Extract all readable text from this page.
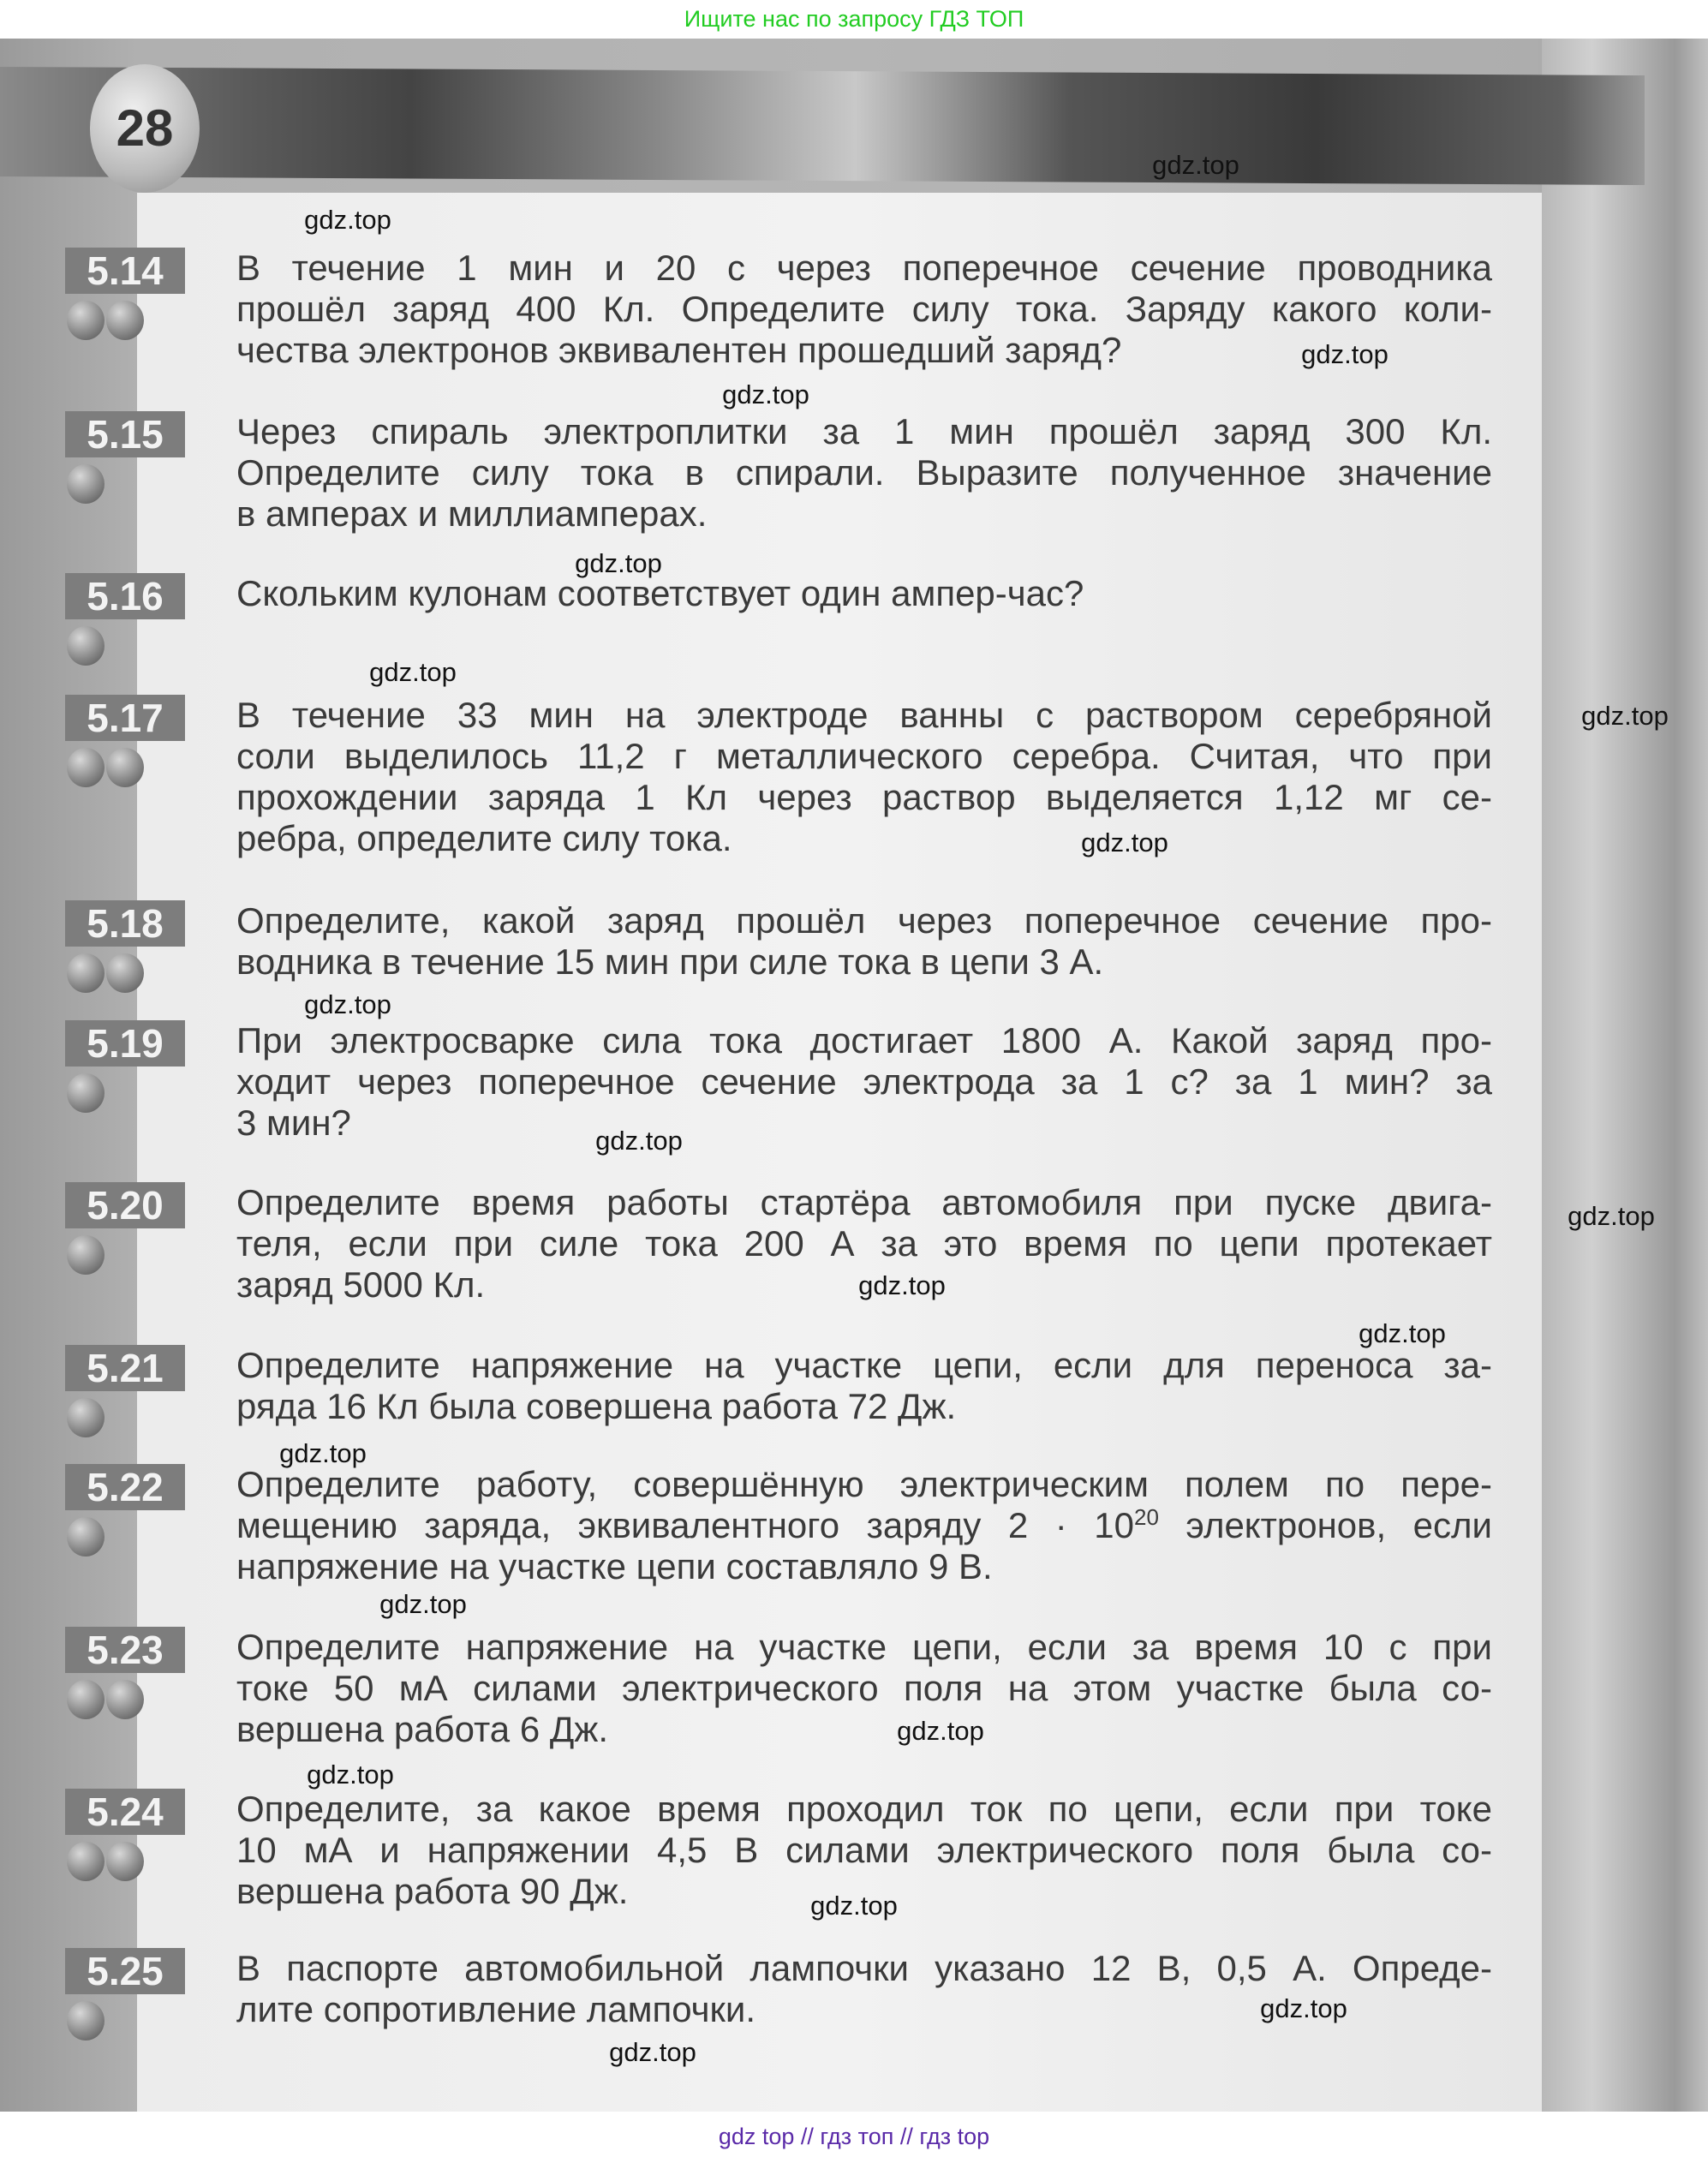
Ищите нас по запросу ГДЗ ТОП
28
5.14	В течение 1 мин и 20 с через поперечное сечение проводника
прошёл заряд 400 Кл. Определите силу тока. Заряду какого коли-
чества электронов эквивалентен прошедший заряд?
5.15	Через спираль электроплитки за 1 мин прошёл заряд 300 Кл.
Определите силу тока в спирали. Выразите полученное значение
в амперах и миллиамперах.
5.16	Скольким кулонам соответствует один ампер-час?
5.17	В течение 33 мин на электроде ванны с раствором серебряной
соли выделилось 11,2 г металлического серебра. Считая, что при
прохождении заряда 1 Кл через раствор выделяется 1,12 мг се-
ребра, определите силу тока.
5.18	Определите, какой заряд прошёл через поперечное сечение про-
водника в течение 15 мин при силе тока в цепи 3 А.
5.19	При электросварке сила тока достигает 1800 А. Какой заряд про-
ходит через поперечное сечение электрода за 1 с? за 1 мин? за
3 мин?
5.20	Определите время работы стартёра автомобиля при пуске двига-
теля, если при силе тока 200 А за это время по цепи протекает
заряд 5000 Кл.
5.21	Определите напряжение на участке цепи, если для переноса за-
ряда 16 Кл была совершена работа 72 Дж.
5.22	Определите работу, совершённую электрическим полем по пере-
мещению заряда, эквивалентного заряду $2 \cdot 10^{20}$ электронов, если
напряжение на участке цепи составляло 9 В.
5.23	Определите напряжение на участке цепи, если за время 10 с при
токе 50 мА силами электрического поля на этом участке была со-
вершена работа 6 Дж.
5.24	Определите, за какое время проходил ток по цепи, если при токе
10 мА и напряжении 4,5 В силами электрического поля была со-
вершена работа 90 Дж.
5.25	В паспорте автомобильной лампочки указано 12 В, 0,5 А. Опреде-
лите сопротивление лампочки.
gdz.top
gdz.top
gdz.top
gdz.top
gdz.top
gdz.top
gdz.top
gdz.top
gdz.top
gdz.top
gdz.top
gdz.top
gdz.top
gdz.top
gdz.top
gdz.top
gdz.top
gdz.top
gdz.top
gdz.top
gdz top // гдз топ // гдз top
